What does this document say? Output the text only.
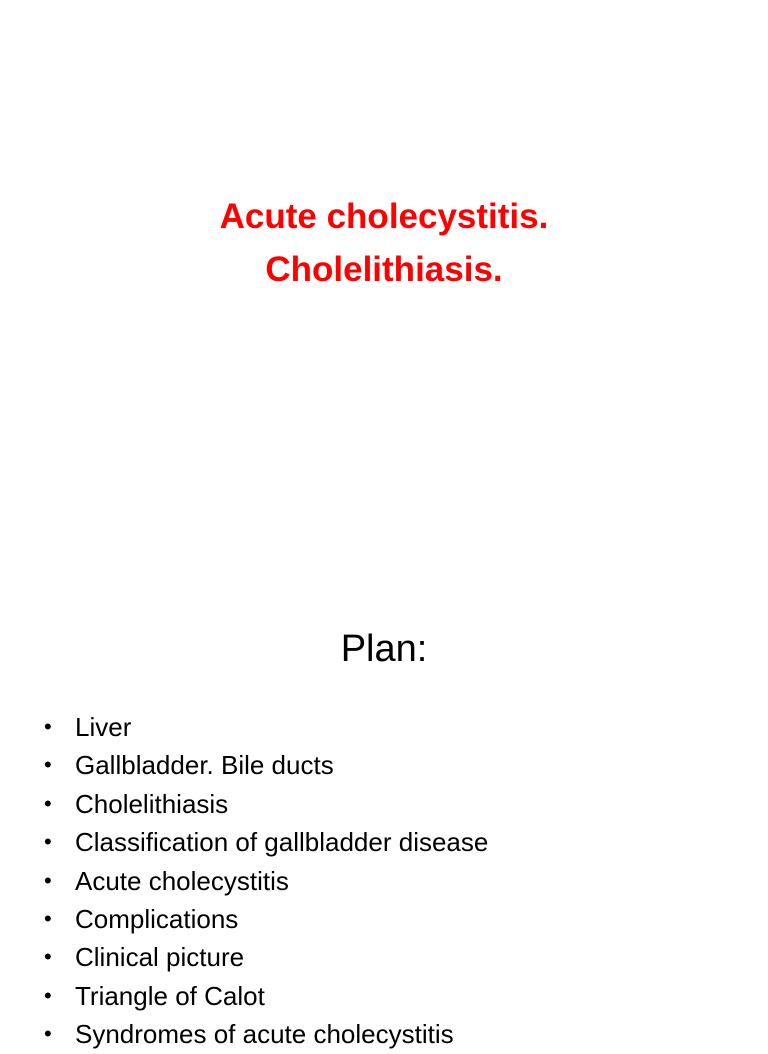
Acute cholecystitis.
Cholelithiasis.
Plan:
• Liver
• Gallbladder. Bile ducts
• Cholelithiasis
• Classification of gallbladder disease
• Acute cholecystitis
• Complications
• Clinical picture
• Triangle of Calot
• Syndromes of acute cholecystitis
